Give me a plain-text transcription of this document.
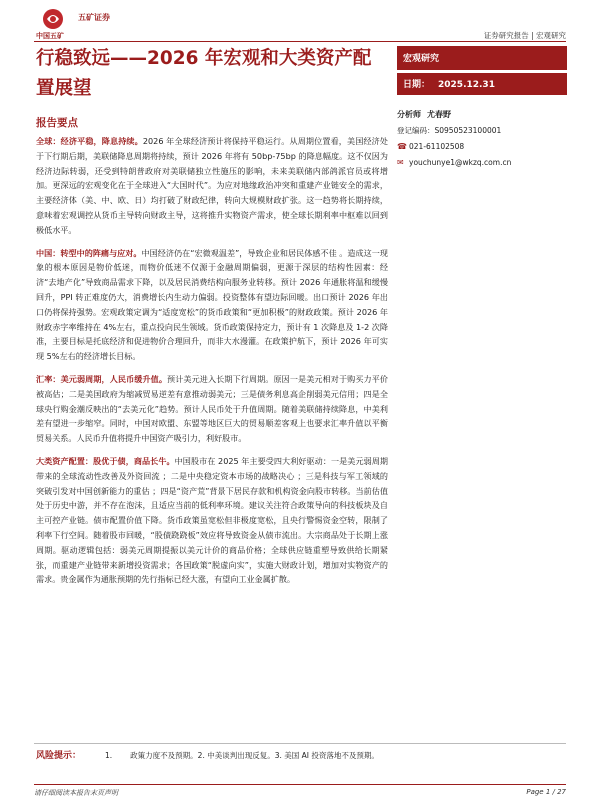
五矿证券
中国五矿	证券研究报告 | 宏观研究
行稳致远——2026 年宏观和大类资产配置展望
宏观研究
日期： 2025.12.31
分析师 尤春野
登记编码：S0950523100001
☎ 021-61102508
✉ youchunye1@wkzq.com.cn
报告要点

全球：经济平稳，降息持续。2026 年全球经济预计将保持平稳运行。从周期位置看，美国经济处于下行期后期，美联储降息周期将持续，预计 2026 年将有 50bp-75bp 的降息幅度。这不仅因为经济边际转弱，还受到特朗普政府对美联储独立性施压的影响，未来美联储内部鸽派官员或将增加。更深远的宏观变化在于全球进入“大国时代”。为应对地缘政治冲突和重建产业链安全的需求，主要经济体（美、中、欧、日）均打破了财政纪律，转向大规模财政扩张。这一趋势将长期持续，意味着宏观调控从货币主导转向财政主导，这将推升实物资产需求，使全球长期利率中枢难以回到极低水平。

中国：转型中的阵痛与应对。中国经济仍在“宏微观温差”，导致企业和居民体感不佳 。造成这一现象的根本原因是物价低迷，而物价低迷不仅源于金融周期偏弱，更源于深层的结构性因素：经济“去地产化”导致商品需求下降，以及居民消费结构向服务业转移。预计 2026 年通胀将温和缓慢回升，PPI 转正难度仍大，消费增长内生动力偏弱。投资整体有望边际回暖。出口预计 2026 年出口仍将保持强势。宏观政策定调为“适度宽松”的货币政策和“更加积极”的财政政策。预计 2026 年财政赤字率维持在 4%左右，重点投向民生领域。货币政策保持定力，预计有 1 次降息及 1-2 次降准，主要目标是托底经济和促进物价合理回升，而非大水漫灌。在政策护航下，预计 2026 年可实现 5%左右的经济增长目标。

汇率：美元弱周期，人民币缓升值。预计美元进入长期下行周期。原因一是美元相对于购买力平价被高估；二是美国政府为缩减贸易逆差有意推动弱美元；三是债务利息高企削弱美元信用；四是全球央行购金潮反映出的“去美元化”趋势。预计人民币处于升值周期。随着美联储持续降息，中美利差有望进一步缩窄。同时，中国对欧盟、东盟等地区巨大的贸易顺差客观上也要求汇率升值以平衡贸易关系。人民币升值将提升中国资产吸引力，利好股市。

大类资产配置：股优于债，商品长牛。中国股市在 2025 年主要受四大利好驱动：一是美元弱周期带来的全球流动性改善及外资回流 ；二是中央稳定资本市场的战略决心 ；三是科技与军工领域的突破引发对中国创新能力的重估 ；四是“资产荒”背景下居民存款和机构资金向股市转移。当前估值处于历史中游，并不存在泡沫，且适应当前的低利率环境。建议关注符合政策导向的科技板块及自主可控产业链。债市配置价值下降。货币政策虽宽松但非极度宽松，且央行警惕资金空转，限制了利率下行空间。随着股市回暖，“股债跷跷板”效应将导致资金从债市流出。大宗商品处于长期上涨周期。驱动逻辑包括：弱美元周期提振以美元计价的商品价格；全球供应链重塑导致供给长期紧张，而重建产业链带来新增投资需求；各国政策“脱虚向实”，实施大财政计划，增加对实物资产的需求。贵金属作为通胀预期的先行指标已经大涨，有望向工业金属扩散。

风险提示：	1. 政策力度不及预期。2. 中美谈判出现反复。3. 美国 AI 投资落地不及预期。
请仔细阅读本报告末页声明	Page 1 / 27
